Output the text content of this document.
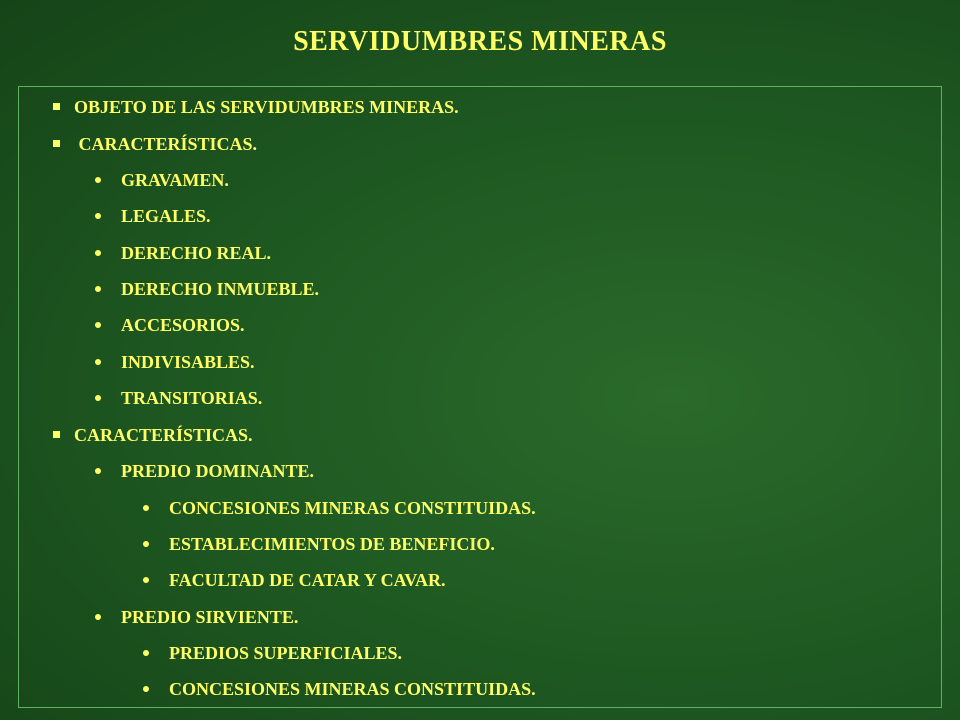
SERVIDUMBRES MINERAS
OBJETO DE LAS SERVIDUMBRES MINERAS.
CARACTERÍSTICAS.
GRAVAMEN.
LEGALES.
DERECHO REAL.
DERECHO INMUEBLE.
ACCESORIOS.
INDIVISABLES.
TRANSITORIAS.
CARACTERÍSTICAS.
PREDIO DOMINANTE.
CONCESIONES MINERAS CONSTITUIDAS.
ESTABLECIMIENTOS DE BENEFICIO.
FACULTAD DE CATAR Y CAVAR.
PREDIO SIRVIENTE.
PREDIOS SUPERFICIALES.
CONCESIONES MINERAS CONSTITUIDAS.
